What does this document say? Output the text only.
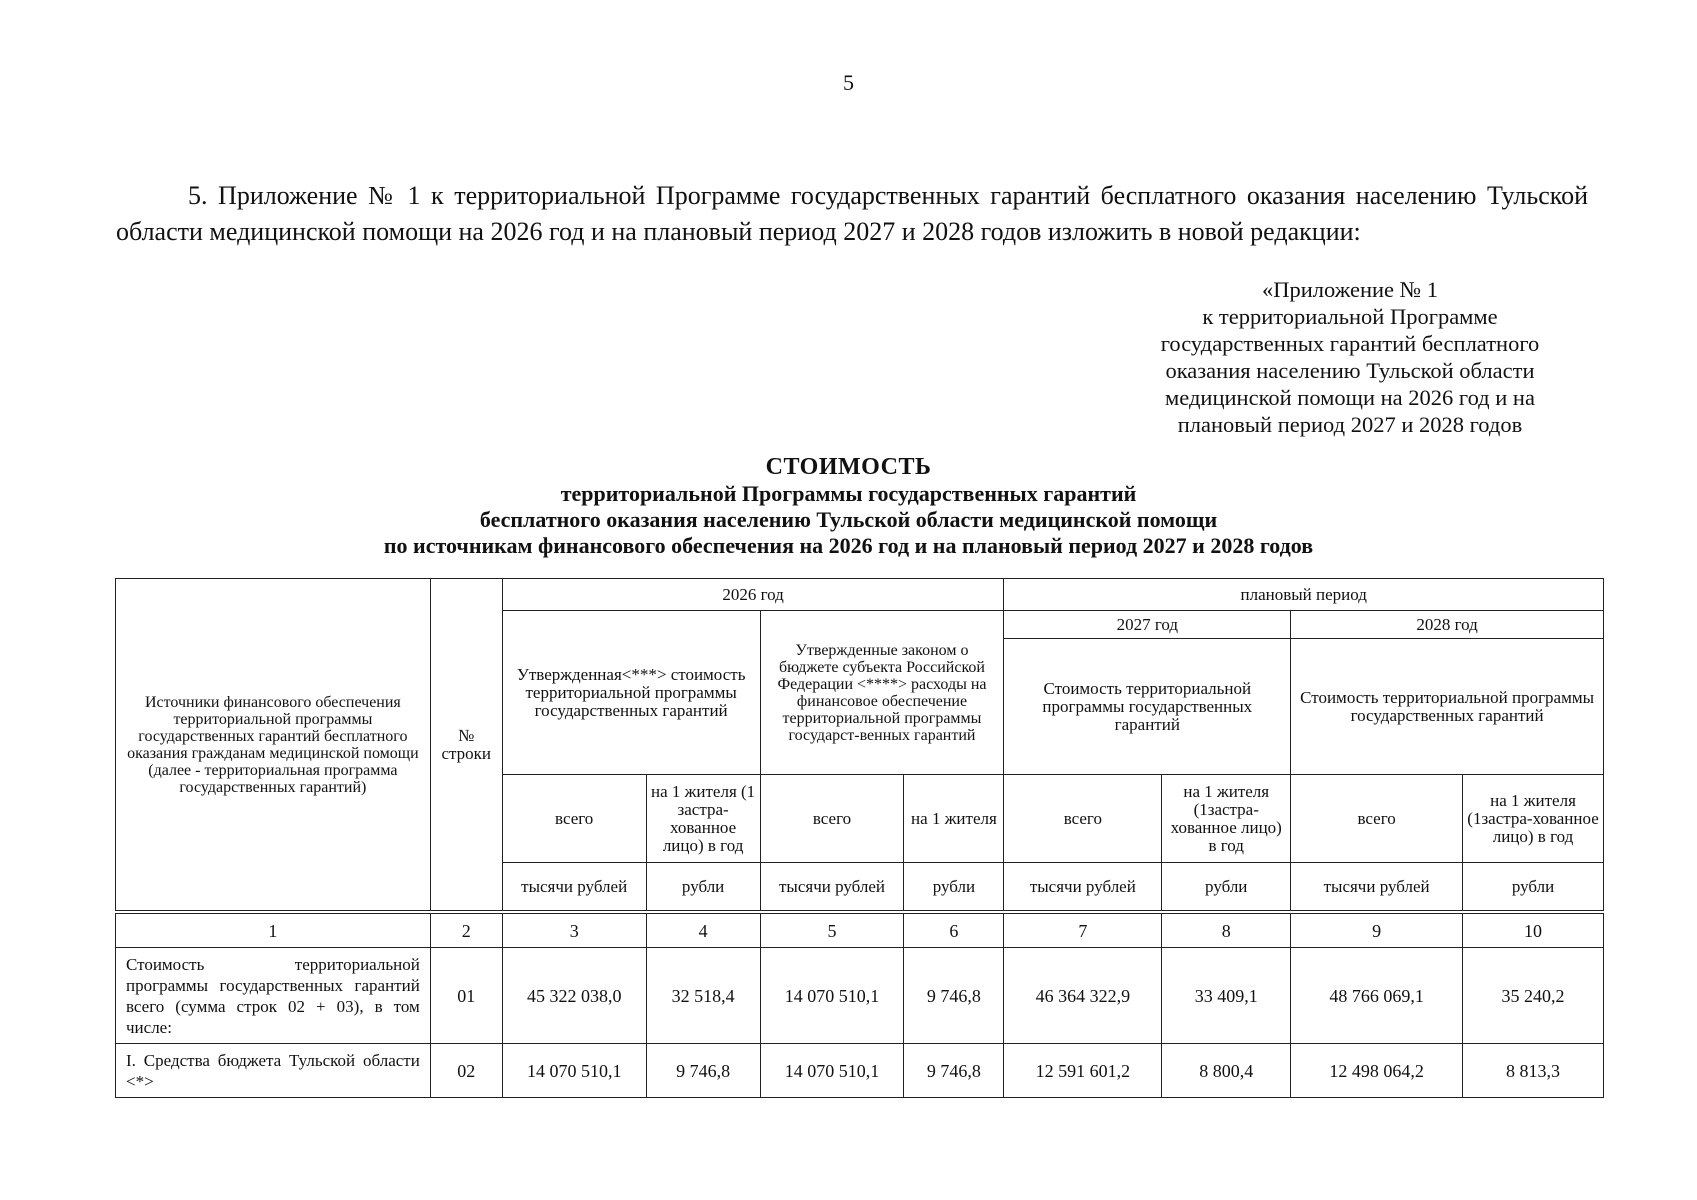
5
5. Приложение № 1 к территориальной Программе государственных гарантий бесплатного оказания населению Тульской области медицинской помощи на 2026 год и на плановый период 2027 и 2028 годов изложить в новой редакции:
«Приложение № 1
к территориальной Программе
государственных гарантий бесплатного
оказания населению Тульской области
медицинской помощи на 2026 год и на
плановый период 2027 и 2028 годов
СТОИМОСТЬ
территориальной Программы государственных гарантий
бесплатного оказания населению Тульской области медицинской помощи
по источникам финансового обеспечения на 2026 год и на плановый период 2027 и 2028 годов
Источники финансового обеспечения территориальной программы государственных гарантий бесплатного оказания гражданам медицинской помощи (далее - территориальная программа государственных гарантий)	№ строки	2026 год				плановый период			
		Утвержденная<***> стоимость территориальной программы государственных гарантий		Утвержденные законом о бюджете субъекта Российской Федерации <****> расходы на финансовое обеспечение территориальной программы государст-венных гарантий		2027 год		2028 год	
						Стоимость территориальной программы государственных гарантий		Стоимость территориальной программы государственных гарантий	
		всего	на 1 жителя (1 застра-хованное лицо) в год	всего	на 1 жителя	всего	на 1 жителя (1застра-хованное лицо) в год	всего	на 1 жителя (1застра-хованное лицо) в год
		тысячи рублей	рубли	тысячи рублей	рубли	тысячи рублей	рубли	тысячи рублей	рубли
1	2	3	4	5	6	7	8	9	10
Стоимость территориальной программы государственных гарантий всего (сумма строк 02 + 03), в том числе:	01	45 322 038,0	32 518,4	14 070 510,1	9 746,8	46 364 322,9	33 409,1	48 766 069,1	35 240,2
I. Средства бюджета Тульской области <*>	02	14 070 510,1	9 746,8	14 070 510,1	9 746,8	12 591 601,2	8 800,4	12 498 064,2	8 813,3
